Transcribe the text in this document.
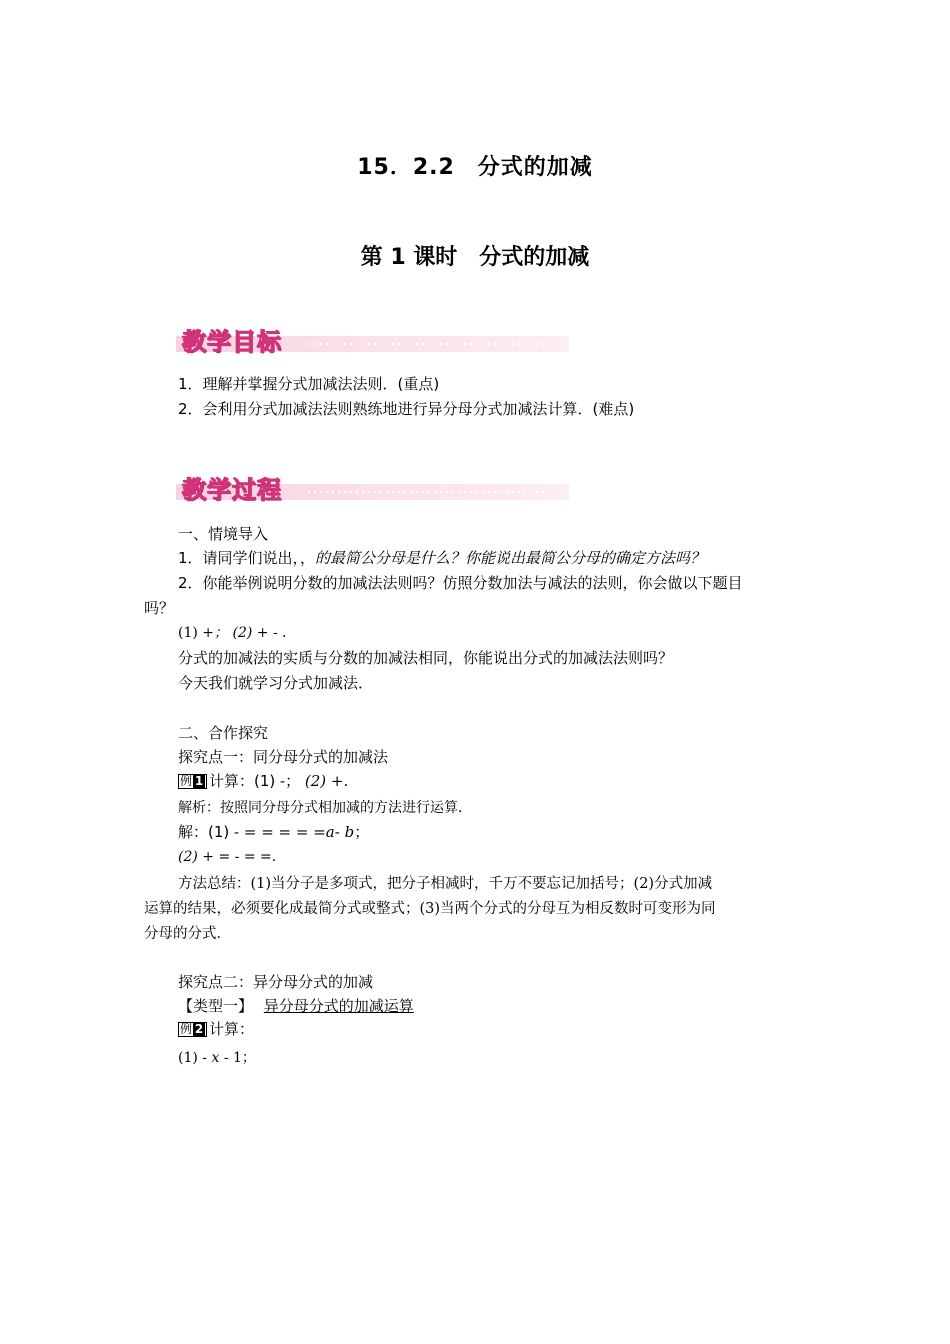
15．2.2　分式的加减
第 1 课时　分式的加减
教学目标
1．理解并掌握分式加减法法则．(重点)
2．会利用分式加减法法则熟练地进行异分母分式加减法计算．(难点)
教学过程
一、情境导入
1．请同学们说出，，的最简公分母是什么？你能说出最简公分母的确定方法吗？
2．你能举例说明分数的加减法法则吗？仿照分数加法与减法的法则，你会做以下题目
吗？
(1) +； (2) + - ．
分式的加减法的实质与分数的加减法相同，你能说出分式的加减法法则吗？
今天我们就学习分式加减法．
二、合作探究
探究点一：同分母分式的加减法
例 1 计算：(1) -； (2) +.
解析：按照同分母分式相加减的方法进行运算．
解：(1) - = = = = =a- b；
(2) + = - = =.
方法总结：(1)当分子是多项式，把分子相减时，千万不要忘记加括号；(2)分式加减
运算的结果，必须要化成最简分式或整式；(3)当两个分式的分母互为相反数时可变形为同
分母的分式．
探究点二：异分母分式的加减
【类型一】 异分母分式的加减运算
例 2 计算：
(1) - x - 1；
